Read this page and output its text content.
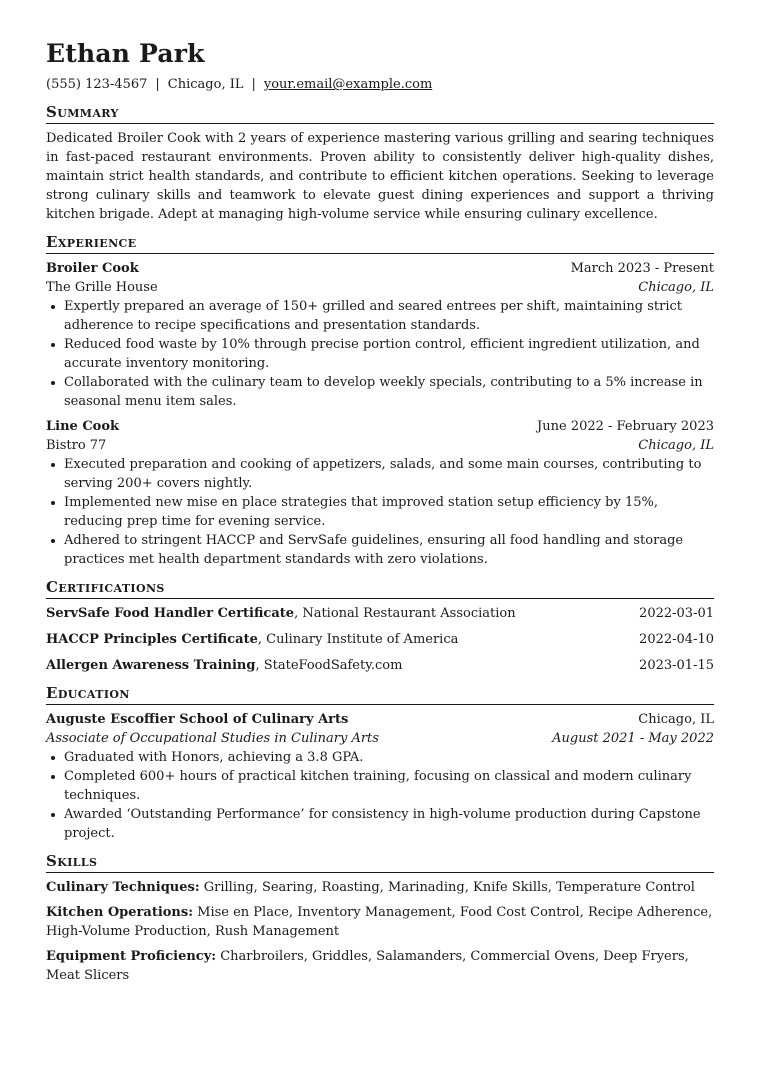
Ethan Park
(555) 123-4567 | Chicago, IL | your.email@example.com
Summary
Dedicated Broiler Cook with 2 years of experience mastering various grilling and searing techniques in fast-paced restaurant environments. Proven ability to consistently deliver high-quality dishes, maintain strict health standards, and contribute to efficient kitchen operations. Seeking to leverage strong culinary skills and teamwork to elevate guest dining experiences and support a thriving kitchen brigade. Adept at managing high-volume service while ensuring culinary excellence.
Experience
Broiler Cook	March 2023 - Present
The Grille House	Chicago, IL
Expertly prepared an average of 150+ grilled and seared entrees per shift, maintaining strict adherence to recipe specifications and presentation standards.
Reduced food waste by 10% through precise portion control, efficient ingredient utilization, and accurate inventory monitoring.
Collaborated with the culinary team to develop weekly specials, contributing to a 5% increase in seasonal menu item sales.
Line Cook	June 2022 - February 2023
Bistro 77	Chicago, IL
Executed preparation and cooking of appetizers, salads, and some main courses, contributing to serving 200+ covers nightly.
Implemented new mise en place strategies that improved station setup efficiency by 15%, reducing prep time for evening service.
Adhered to stringent HACCP and ServSafe guidelines, ensuring all food handling and storage practices met health department standards with zero violations.
Certifications
ServSafe Food Handler Certificate, National Restaurant Association	2022-03-01
HACCP Principles Certificate, Culinary Institute of America	2022-04-10
Allergen Awareness Training, StateFoodSafety.com	2023-01-15
Education
Auguste Escoffier School of Culinary Arts	Chicago, IL
Associate of Occupational Studies in Culinary Arts	August 2021 - May 2022
Graduated with Honors, achieving a 3.8 GPA.
Completed 600+ hours of practical kitchen training, focusing on classical and modern culinary techniques.
Awarded ‘Outstanding Performance’ for consistency in high-volume production during Capstone project.
Skills
Culinary Techniques: Grilling, Searing, Roasting, Marinading, Knife Skills, Temperature Control
Kitchen Operations: Mise en Place, Inventory Management, Food Cost Control, Recipe Adherence, High-Volume Production, Rush Management
Equipment Proficiency: Charbroilers, Griddles, Salamanders, Commercial Ovens, Deep Fryers, Meat Slicers
